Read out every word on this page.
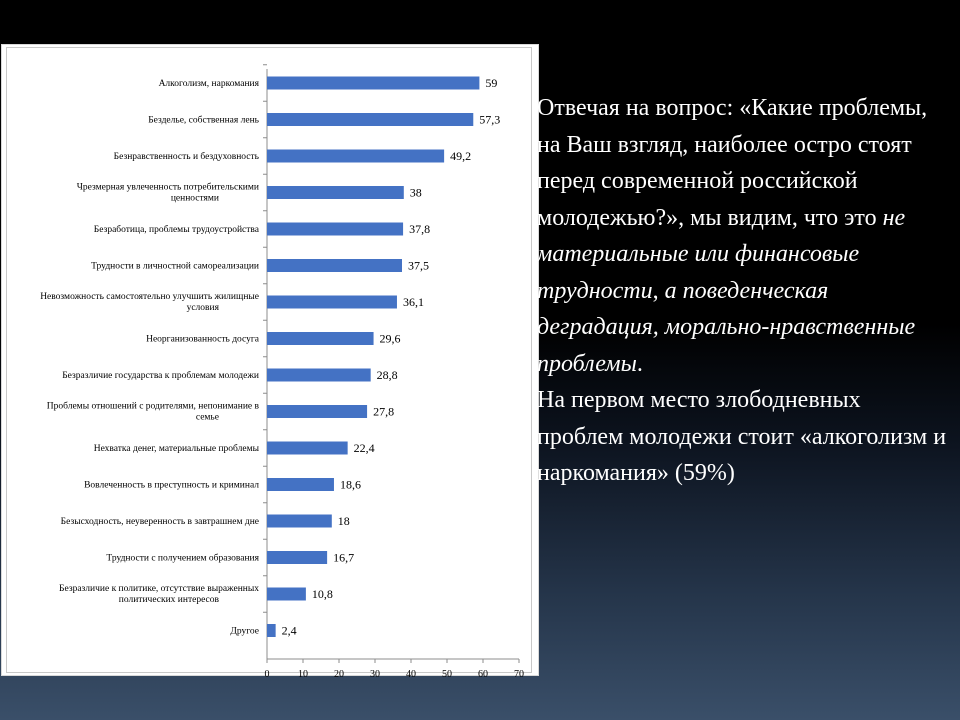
59
Алкоголизм, наркомания
57,3
Безделье, собственная лень
49,2
Безнравственность и бездуховность
38
Чрезмерная увлеченность потребительскими ценностями
37,8
Безработица, проблемы трудоустройства
37,5
Трудности в личностной самореализации
36,1
Невозможность самостоятельно улучшить жилищные условия
29,6
Неорганизованность досуга
28,8
Безразличие государства к проблемам молодежи
27,8
Проблемы отношений с родителями, непонимание в семье
22,4
Нехватка денег, материальные проблемы
18,6
Вовлеченность в преступность и криминал
18
Безысходность, неуверенность в завтрашнем дне
16,7
Трудности с получением образования
10,8
Безразличие к политике, отсутствие выраженных политических интересов
2,4
Другое
0	10	20	30	40	50	60	70

Отвечая на вопрос: «Какие проблемы, на Ваш взгляд, наиболее остро стоят перед современной российской молодежью?», мы видим, что это не материальные или финансовые трудности, а поведенческая деградация, морально-нравственные проблемы.

На первом место злободневных проблем молодежи стоит «алкоголизм и наркомания» (59%)
